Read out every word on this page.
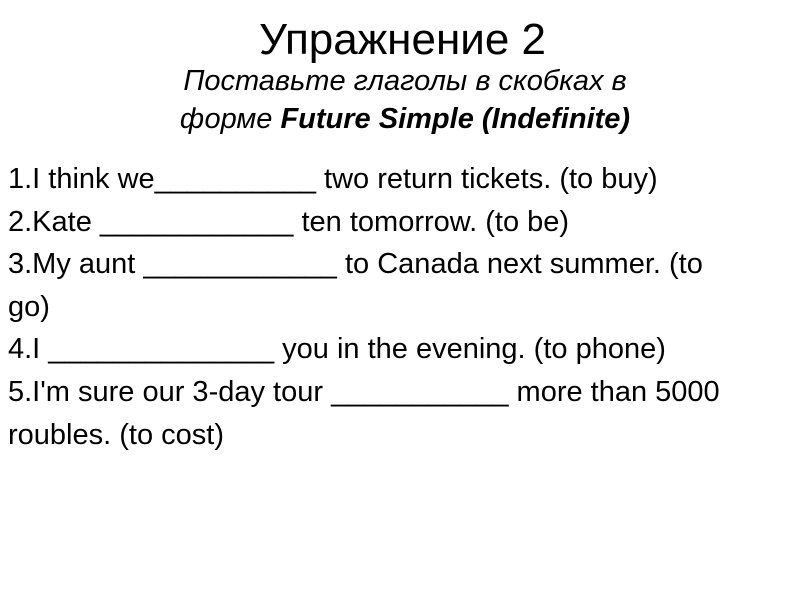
Упражнение 2
Поставьте глаголы в скобках в
форме Future Simple (Indefinite)
1.I think we__________ two return tickets. (to buy)
2.Kate ____________ ten tomorrow. (to be)
3.My aunt ____________ to Canada next summer. (to go)
4.I ______________ you in the evening. (to phone)
5.I'm sure our 3-day tour ___________ more than 5000 roubles. (to cost)
